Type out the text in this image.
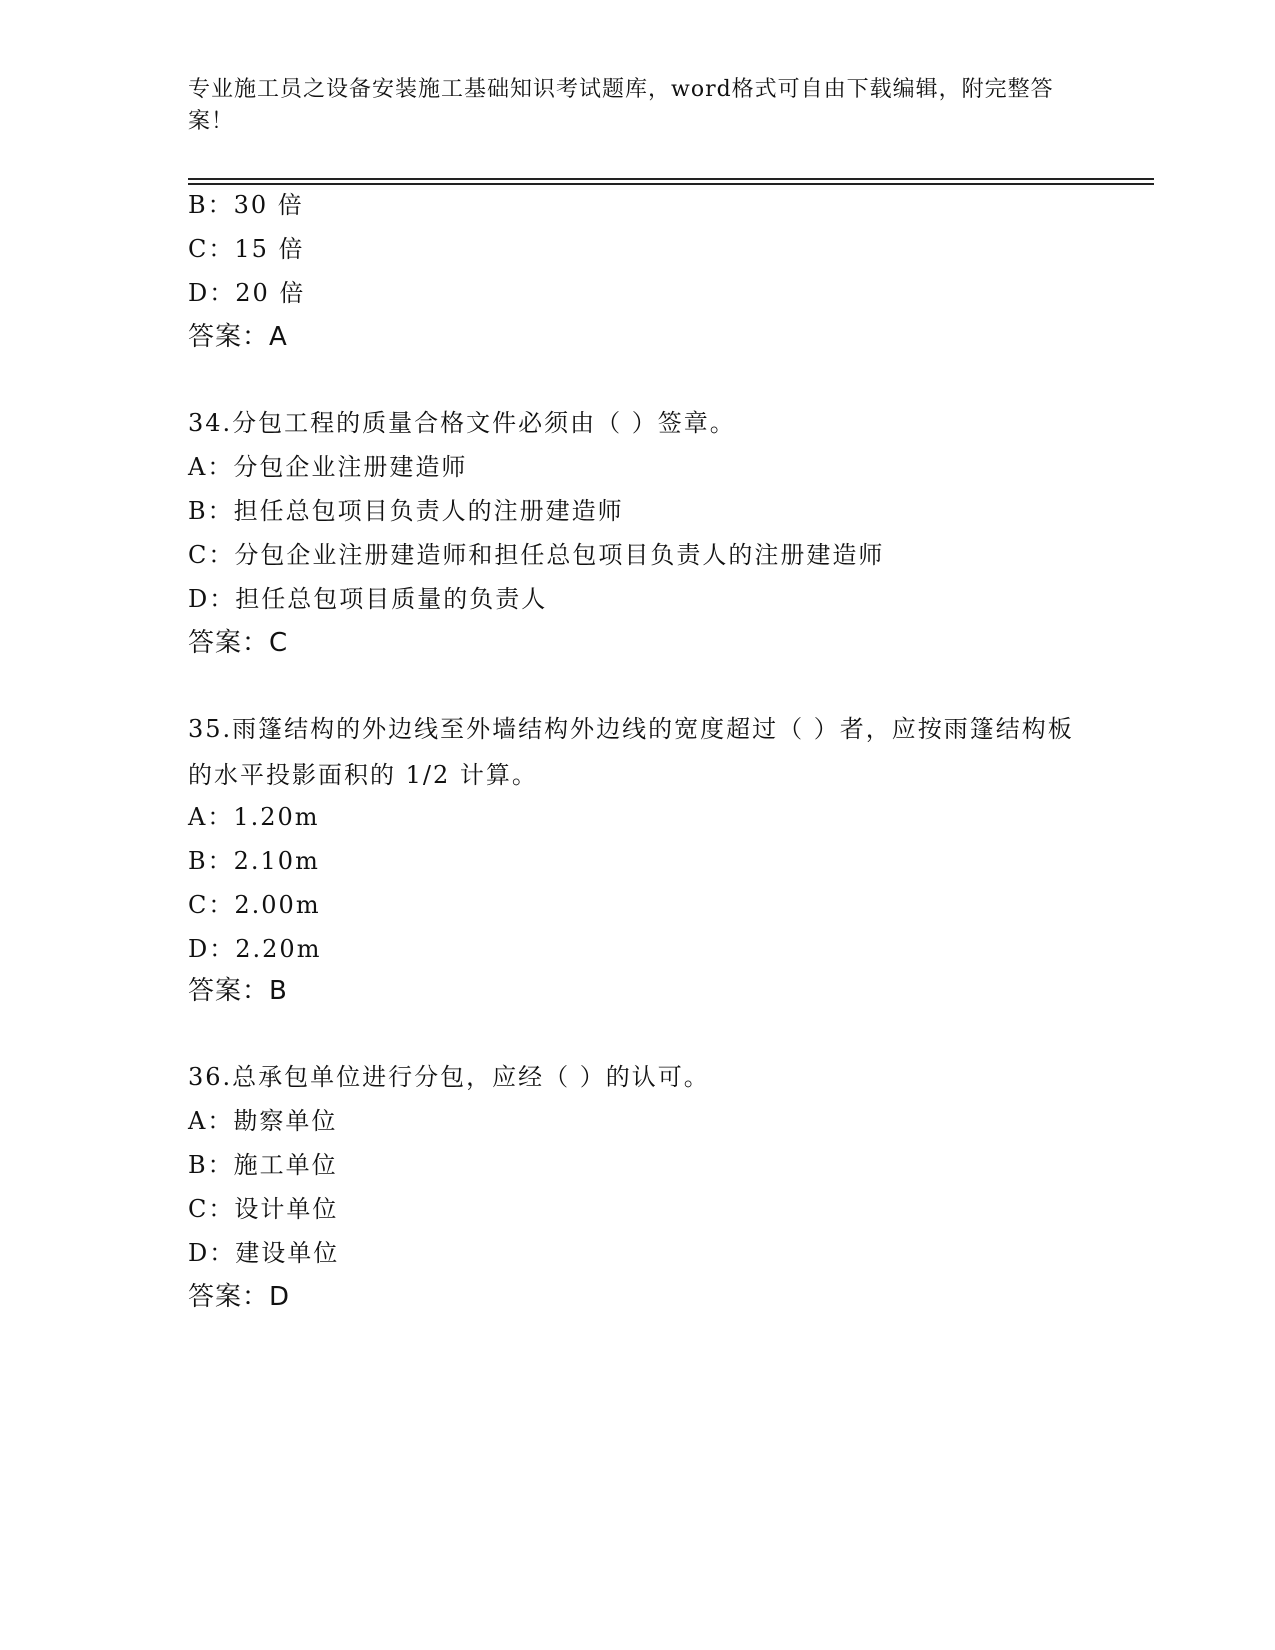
专业施工员之设备安装施工基础知识考试题库，word格式可自由下载编辑，附完整答案！
B：30 倍
C：15 倍
D：20 倍
答案：A
34.分包工程的质量合格文件必须由（ ）签章。
A：分包企业注册建造师
B：担任总包项目负责人的注册建造师
C：分包企业注册建造师和担任总包项目负责人的注册建造师
D：担任总包项目质量的负责人
答案：C
35.雨篷结构的外边线至外墙结构外边线的宽度超过（ ）者，应按雨篷结构板的水平投影面积的 1/2 计算。
A：1.20m
B：2.10m
C：2.00m
D：2.20m
答案：B
36.总承包单位进行分包，应经（ ）的认可。
A：勘察单位
B：施工单位
C：设计单位
D：建设单位
答案：D
